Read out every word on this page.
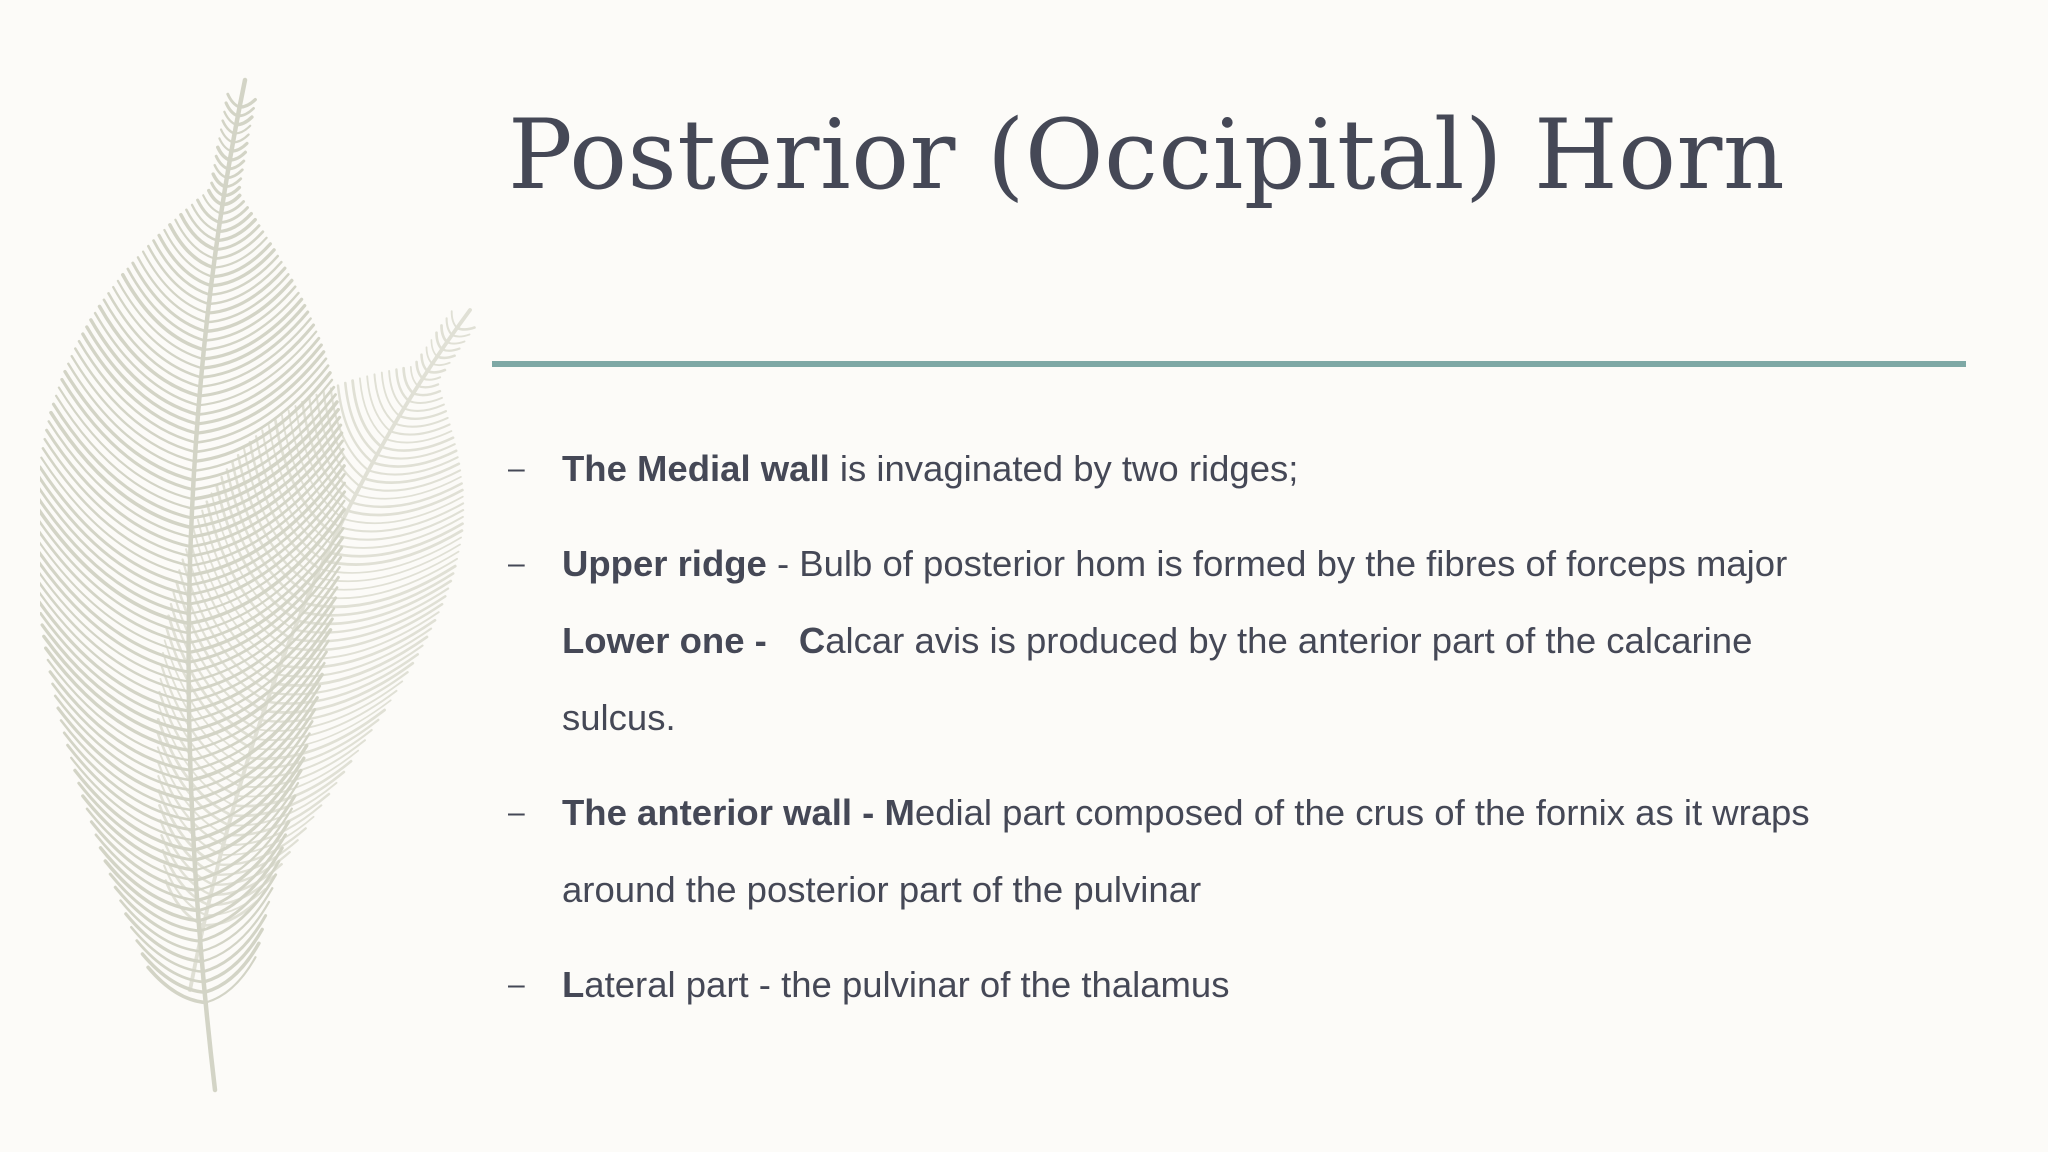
Posterior (Occipital) Horn
– The Medial wall is invaginated by two ridges;
– Upper ridge - Bulb of posterior hom is formed by the fibres of forceps major
Lower one - Calcar avis is produced by the anterior part of the calcarine
sulcus.
– The anterior wall - Medial part composed of the crus of the fornix as it wraps
around the posterior part of the pulvinar
– Lateral part - the pulvinar of the thalamus
